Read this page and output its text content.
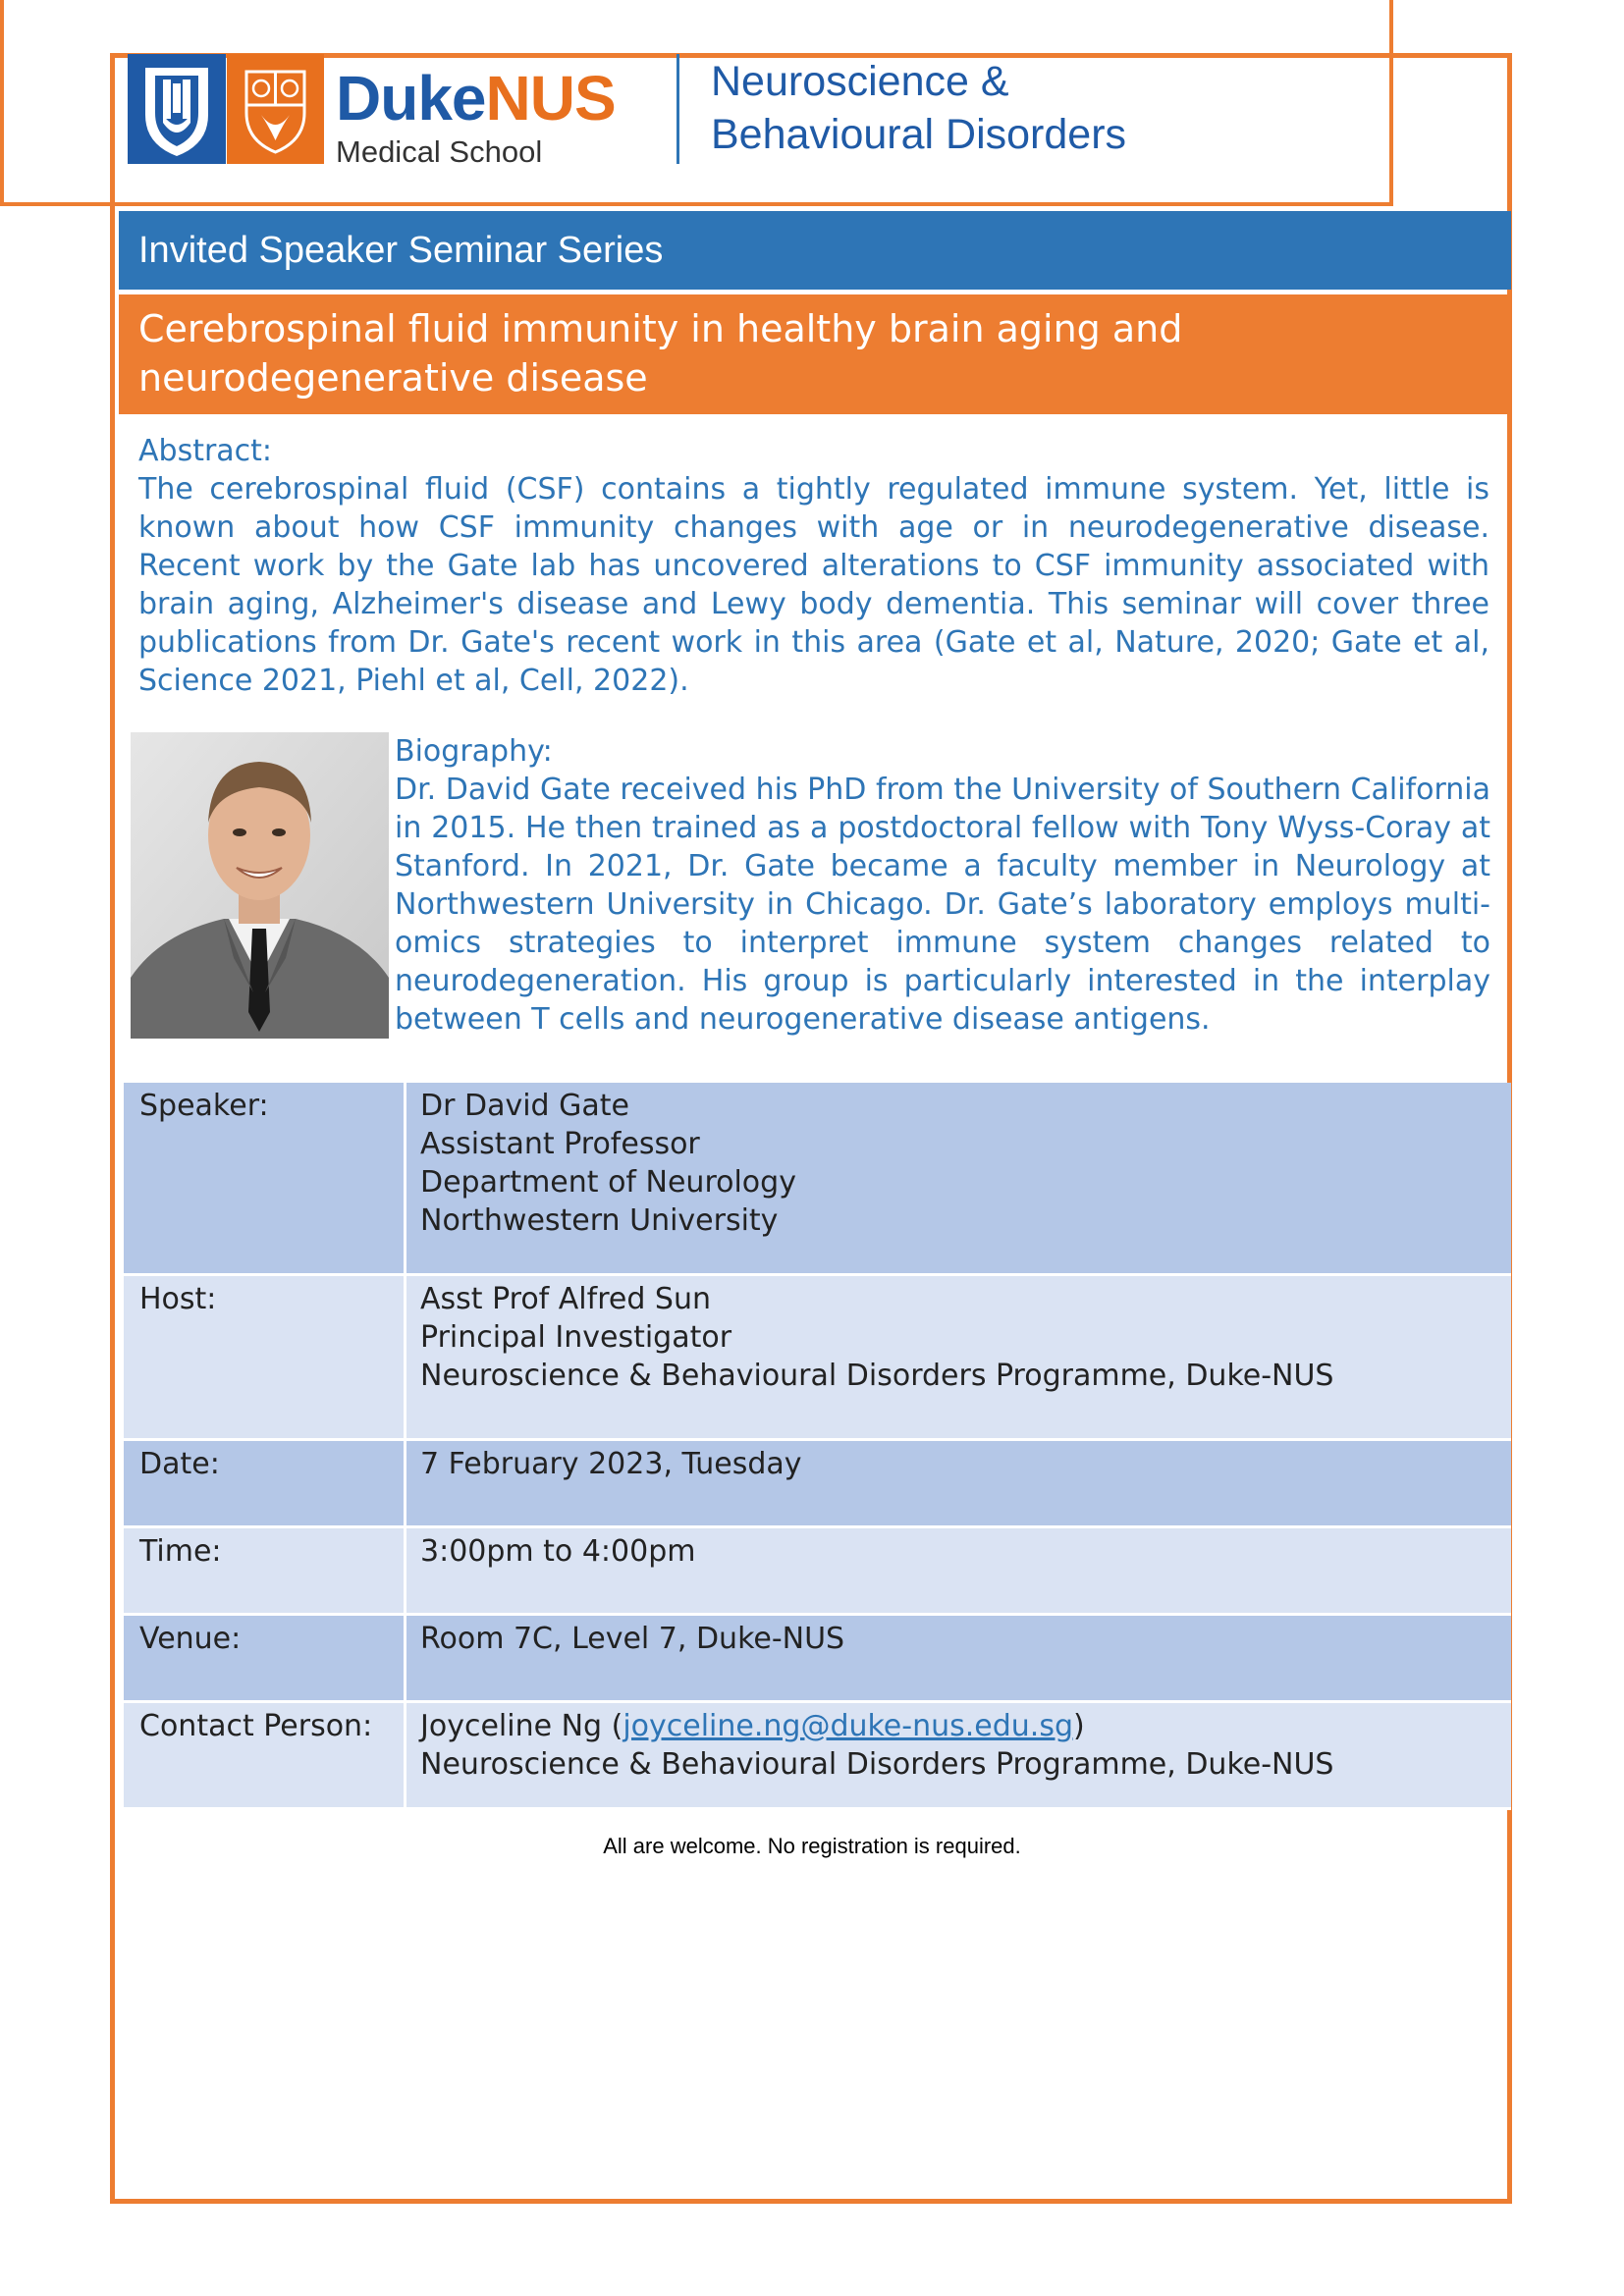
DukeNUS
Medical School
Neuroscience &
Behavioural Disorders
Invited Speaker Seminar Series
Cerebrospinal fluid immunity in healthy brain aging and neurodegenerative disease
Abstract:
The cerebrospinal fluid (CSF) contains a tightly regulated immune system. Yet, little is known about how CSF immunity changes with age or in neurodegenerative disease. Recent work by the Gate lab has uncovered alterations to CSF immunity associated with brain aging, Alzheimer's disease and Lewy body dementia. This seminar will cover three publications from Dr. Gate's recent work in this area (Gate et al, Nature, 2020; Gate et al, Science 2021, Piehl et al, Cell, 2022).
Biography:
Dr. David Gate received his PhD from the University of Southern California in 2015. He then trained as a postdoctoral fellow with Tony Wyss-Coray at Stanford. In 2021, Dr. Gate became a faculty member in Neurology at Northwestern University in Chicago. Dr. Gate’s laboratory employs multi-omics strategies to interpret immune system changes related to neurodegeneration. His group is particularly interested in the interplay between T cells and neurogenerative disease antigens.
Speaker:	Dr David Gate
Assistant Professor
Department of Neurology
Northwestern University
Host:	Asst Prof Alfred Sun
Principal Investigator
Neuroscience & Behavioural Disorders Programme, Duke-NUS
Date:	7 February 2023, Tuesday
Time:	3:00pm to 4:00pm
Venue:	Room 7C, Level 7, Duke-NUS
Contact Person:	Joyceline Ng (joyceline.ng@duke-nus.edu.sg)
Neuroscience & Behavioural Disorders Programme, Duke-NUS
All are welcome. No registration is required.
